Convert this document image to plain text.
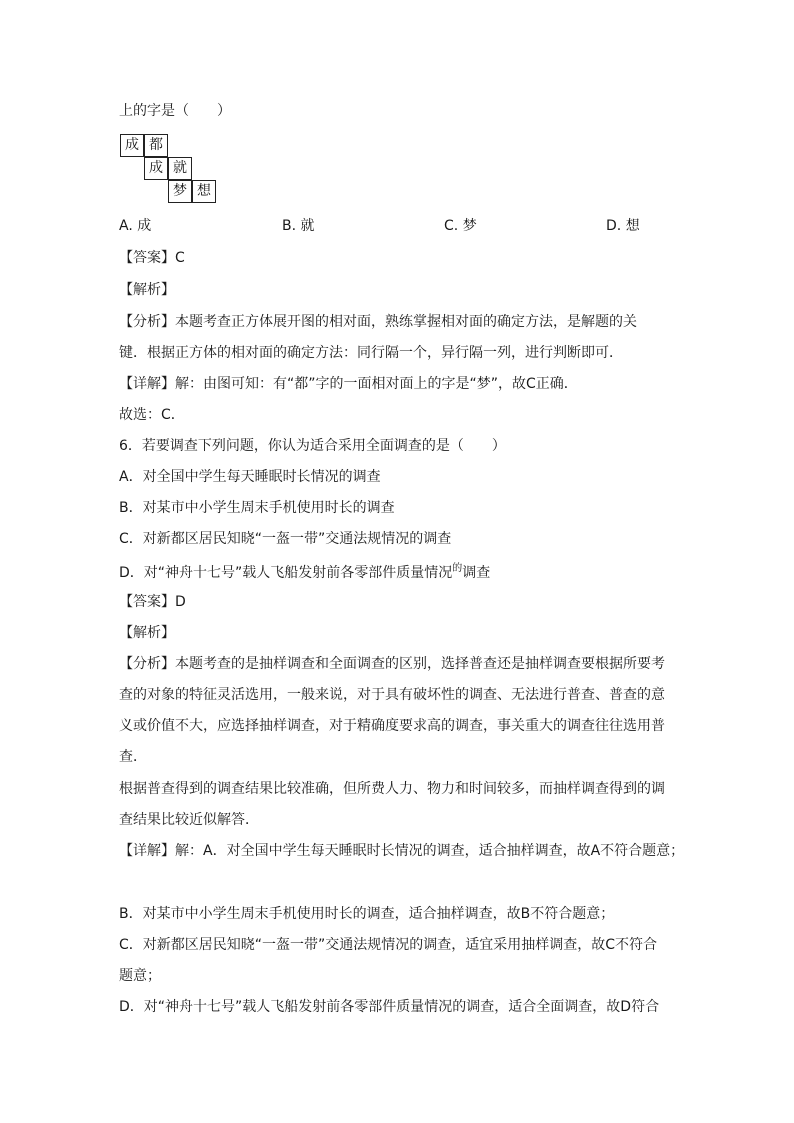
上的字是（　　）
成 都
成 就
梦 想
A. 成	B. 就	C. 梦	D. 想
【答案】C
【解析】
【分析】本题考查正方体展开图的相对面，熟练掌握相对面的确定方法，是解题的关
键．根据正方体的相对面的确定方法：同行隔一个，异行隔一列，进行判断即可．
【详解】解：由图可知：有“都”字的一面相对面上的字是“梦”，故C正确．
故选：C．
6．若要调查下列问题，你认为适合采用全面调查的是（　　）
A．对全国中学生每天睡眠时长情况的调查
B．对某市中小学生周末手机使用时长的调查
C．对新都区居民知晓“一盔一带”交通法规情况的调查
D．对“神舟十七号”载人飞船发射前各零部件质量情况$^的$调查
【答案】D
【解析】
【分析】本题考查的是抽样调查和全面调查的区别，选择普查还是抽样调查要根据所要考
查的对象的特征灵活选用，一般来说，对于具有破坏性的调查、无法进行普查、普查的意
义或价值不大，应选择抽样调查，对于精确度要求高的调查，事关重大的调查往往选用普
查．
根据普查得到的调查结果比较准确，但所费人力、物力和时间较多，而抽样调查得到的调
查结果比较近似解答．
【详解】解：A．对全国中学生每天睡眠时长情况的调查，适合抽样调查，故A不符合题意；
B．对某市中小学生周末手机使用时长的调查，适合抽样调查，故B不符合题意；
C．对新都区居民知晓“一盔一带”交通法规情况的调查，适宜采用抽样调查，故C不符合
题意；
D．对“神舟十七号”载人飞船发射前各零部件质量情况的调查，适合全面调查，故D符合
